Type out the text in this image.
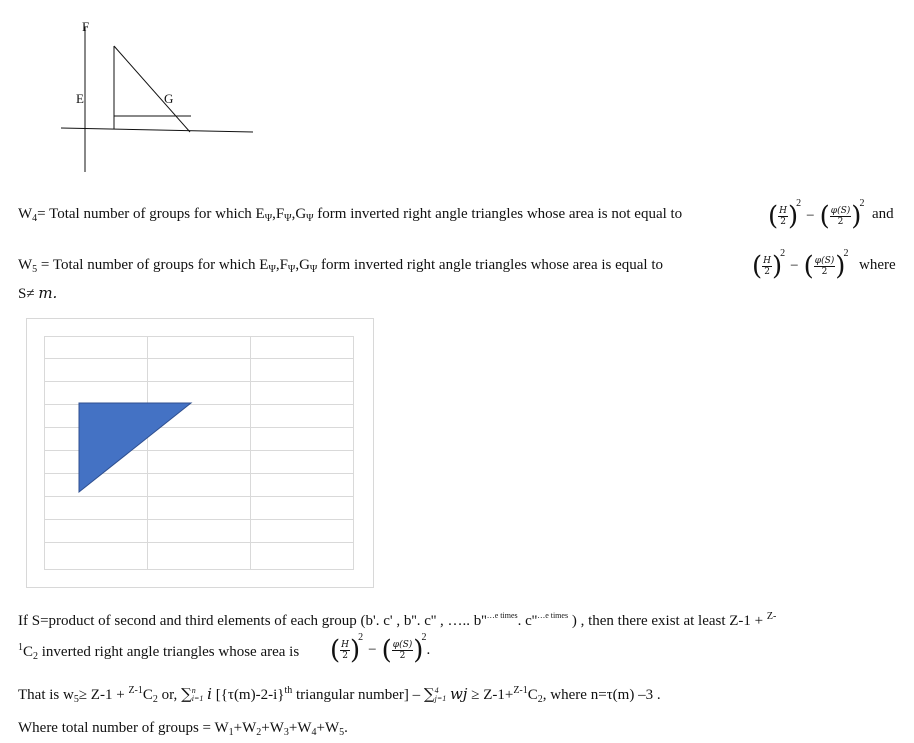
F
E	G
$W_4=$ Total number of groups for which $E_\Psi,F_\Psi,G_\Psi$ form inverted right angle triangles whose area is not equal to	( $\frac{H}{2} )^2-$ ( $\frac{\varphi(S)}{2} )^2$
and
$W_5$ = Total number of groups for which $E_\Psi,F_\Psi,G_\Psi$ form inverted right angle triangles whose area is equal to	( $\frac{H}{2} )^2-$ ( $\frac{\varphi(S)}{2} )^2$
where
S≠ m.
If S=product of second and third elements of each group (b'. c' , b''. c'' , ….. $b''^{\dots e times}$. $c''^{\dots e times}$ ) , then there exist at least Z-1 + $^{Z-}$
$^1C_2$ inverted right angle triangles whose area is ( $\frac{H}{2} )^2-$ ( $\frac{\varphi(S)}{2} )^2$.
That is $w_5\ge Z-1 + ^{Z-1}C_2$ or, ∑ n
i=1 i [$\{\tau(m)-2-i\}^{th}$ triangular number] – ∑ 4
j=1 wj ≥ $Z-1+^{Z-1}C_2$, where n=τ(m) –3 .
Where total number of groups = $W_1+W_2+W_3+W_4+W_5$.
